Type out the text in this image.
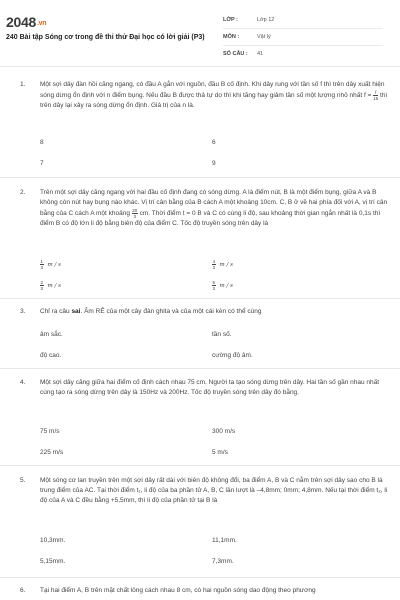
2048.vn
240 Bài tập Sóng cơ trong đề thi thử Đại học có lời giải (P3)
LỚP :	Lớp 12
MÔN :	Vật lý
SỐ CÂU :	41
1. Một sợi dây đàn hồi căng ngang, có đầu A gắn với nguồn, đầu B cố định. Khi dây rung với tần số f thì trên dây xuất hiện sóng dừng ổn định với n điểm bụng. Nếu đầu B được thả tự do thì khi tăng hay giảm tần số một lượng nhỏ nhất $f = \frac{f}{15}$ thì trên dây lại xảy ra sóng dừng ổn định. Giá trị của n là.
8	6
7	9
2. Trên một sợi dây căng ngang với hai đầu cố định đang có sóng dừng. A là điểm nút, B là một điểm bụng, giữa A và B không còn nút hay bụng nào khác. Vị trí cân bằng của B cách A một khoảng 10cm. C, B ở về hai phía đối với A, vị trí cân bằng của C cách A một khoảng $\frac{20}{3}$ cm. Thời điểm t = 0 B và C có cùng li độ, sau khoảng thời gian ngắn nhất là 0,1s thì điểm B có độ lớn li độ bằng biên độ của điểm C. Tốc độ truyền sóng trên dây là
$\frac{1}{3}$ m / s	$\frac{4}{3}$ m / s
$\frac{2}{3}$ m / s	$\frac{5}{3}$ m / s
3. Chỉ ra câu sai. Âm RÊ của một cây đàn ghita và của một cái kèn có thể cùng
âm sắc.	tần số.
độ cao.	cường độ âm.
4. Một sợi dây căng giữa hai điểm cố định cách nhau 75 cm. Người ta tạo sóng dừng trên dây. Hai tần số gần nhau nhất cùng tạo ra sóng dừng trên dây là 150Hz và 200Hz. Tốc độ truyền sóng trên dây đó bằng.
75 m/s	300 m/s
225 m/s	5 m/s
5. Một sóng cơ lan truyền trên một sợi dây rất dài với biên độ không đổi, ba điểm A, B và C nằm trên sợi dây sao cho B là trung điểm của AC. Tại thời điểm t₁, li độ của ba phần tử A, B, C lần lượt là –4,8mm; 0mm; 4,8mm. Nếu tại thời điểm t₂, li độ của A và C đều bằng +5,5mm, thì li độ của phần tử tại B là
10,3mm.	11,1mm.
5,15mm.	7,3mm.
6. Tại hai điểm A, B trên mặt chất lỏng cách nhau 8 cm, có hai nguồn sóng dao động theo phương
